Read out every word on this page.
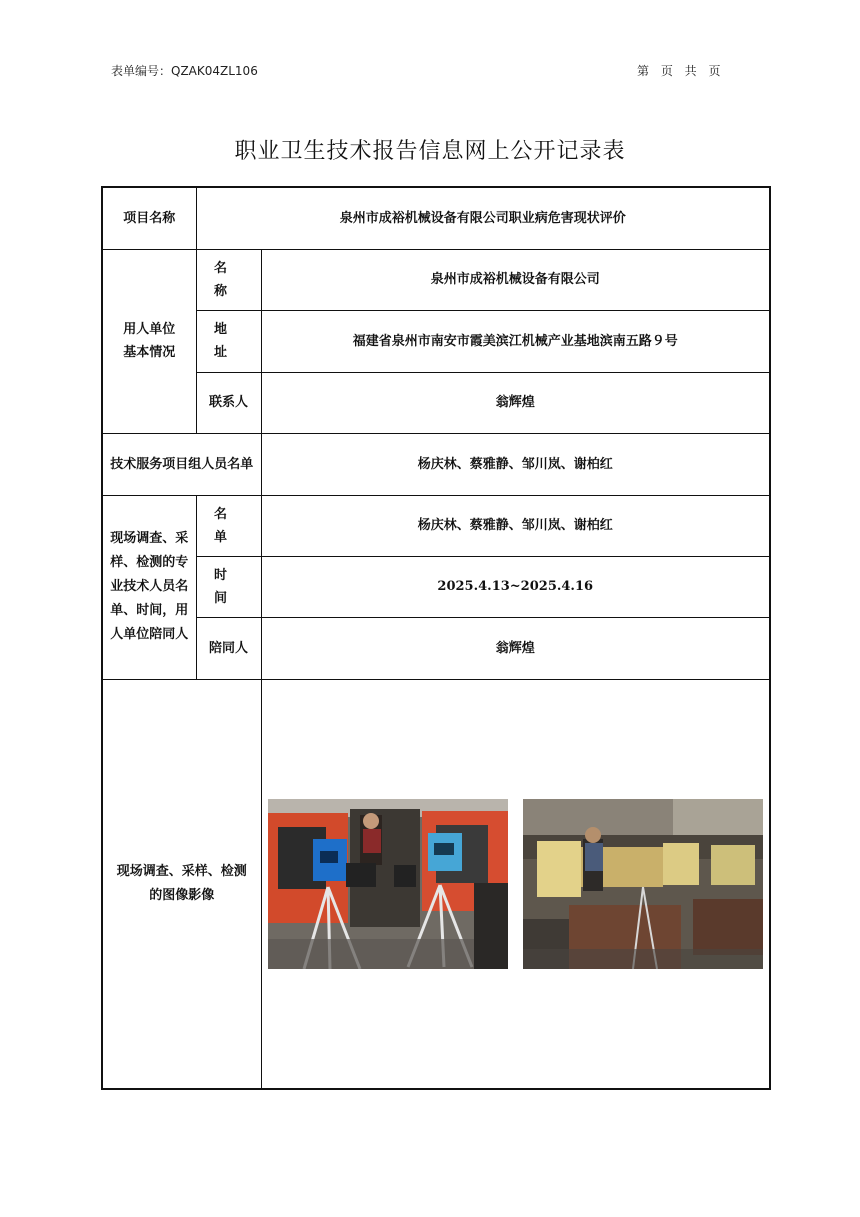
表单编号：QZAK04ZL106	第 页 共 页
职业卫生技术报告信息网上公开记录表
项目名称	泉州市成裕机械设备有限公司职业病危害现状评价	
用人单位基本情况	名称	泉州市成裕机械设备有限公司
	地址	福建省泉州市南安市霞美滨江机械产业基地滨南五路９号
	联系人	翁辉煌
技术服务项目组人员名单		杨庆林、蔡雅静、邹川岚、谢柏红
现场调查、采样、检测的专业技术人员名单、时间，用人单位陪同人	名单	杨庆林、蔡雅静、邹川岚、谢柏红
	时间	2025.4.13~2025.4.16
	陪同人	翁辉煌
现场调查、采样、检测的图像影像	
